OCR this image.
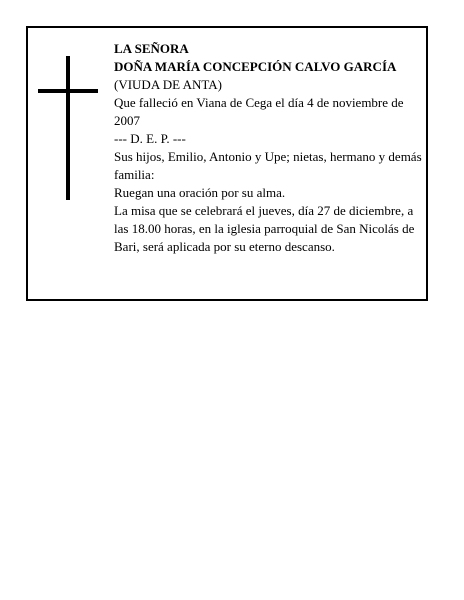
LA SEÑORA
DOÑA MARÍA CONCEPCIÓN CALVO GARCÍA
(VIUDA DE ANTA)
Que falleció en Viana de Cega el día 4 de noviembre de 2007
--- D. E. P. ---
Sus hijos, Emilio, Antonio y Upe; nietas, hermano y demás familia:
Ruegan una oración por su alma.
La misa que se celebrará el jueves, día 27 de diciembre, a las 18.00 horas, en la iglesia parroquial de San Nicolás de Bari, será aplicada por su eterno descanso.
